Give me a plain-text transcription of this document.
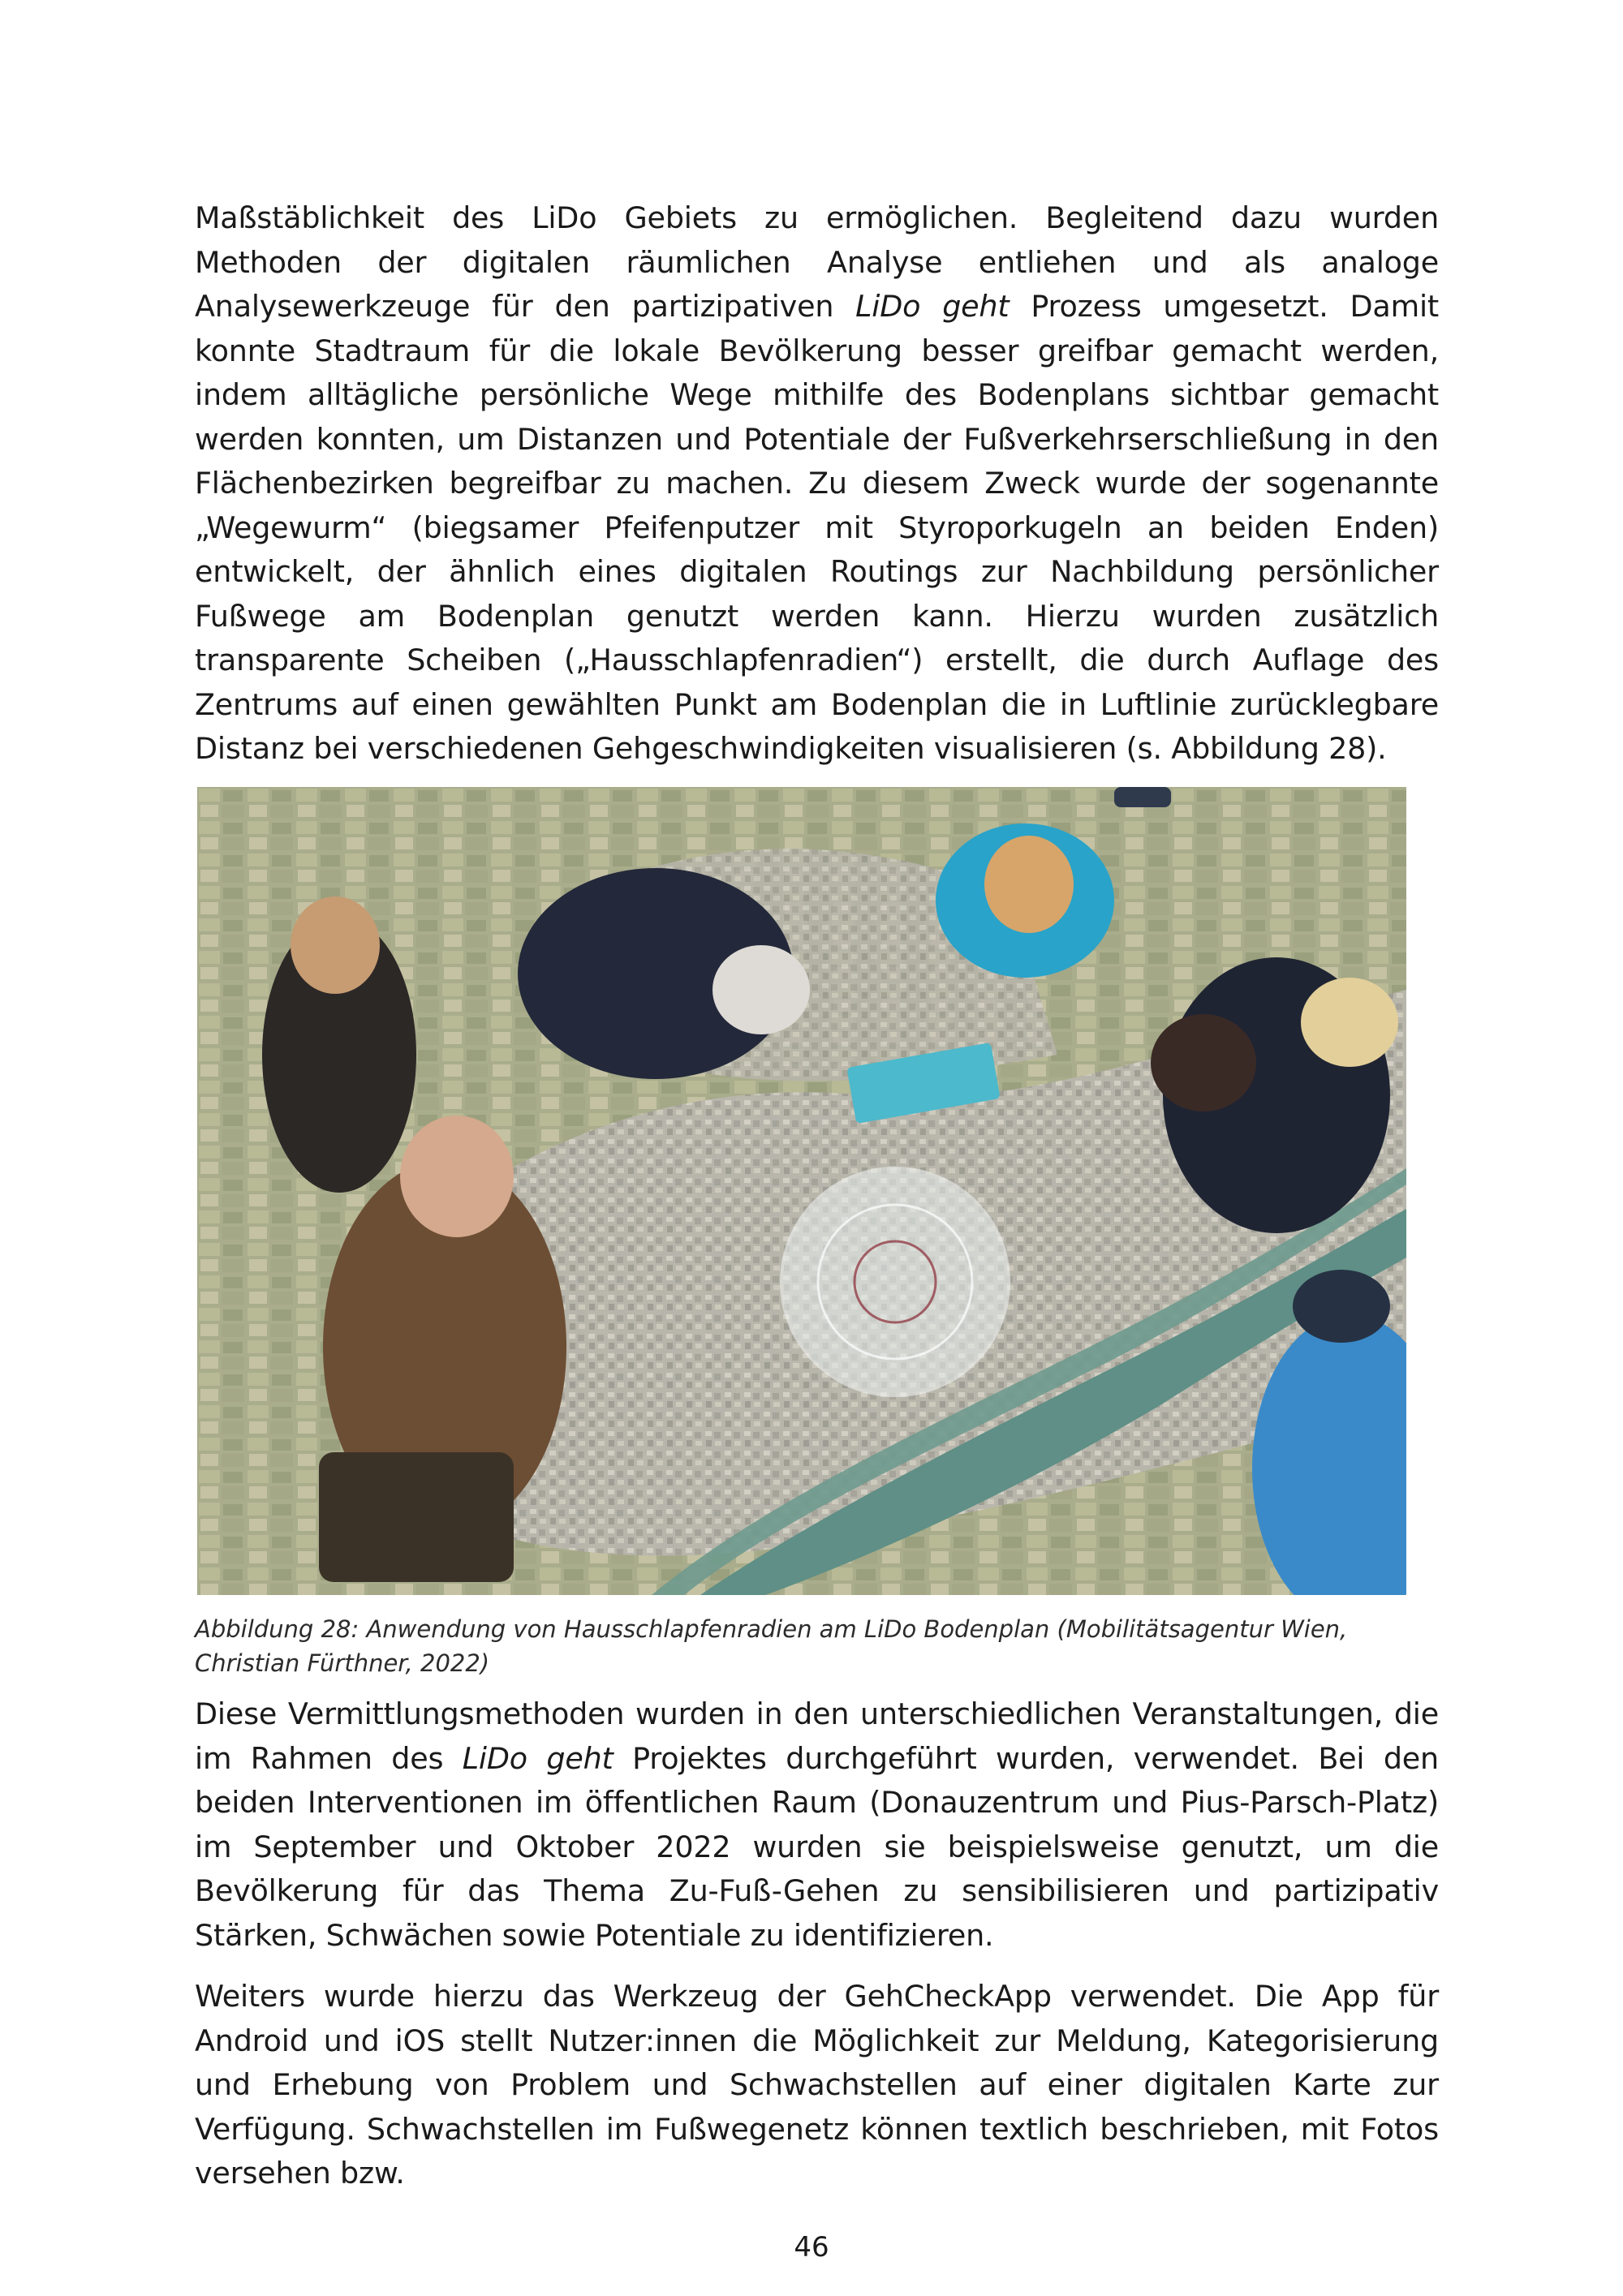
Maßstäblichkeit des LiDo Gebiets zu ermöglichen. Begleitend dazu wurden Methoden der digitalen räumlichen Analyse entliehen und als analoge Analysewerkzeuge für den partizipativen LiDo geht Prozess umgesetzt. Damit konnte Stadtraum für die lokale Bevölkerung besser greifbar gemacht werden, indem alltägliche persönliche Wege mithilfe des Bodenplans sichtbar gemacht werden konnten, um Distanzen und Potentiale der Fußverkehrserschließung in den Flächenbezirken begreifbar zu machen. Zu diesem Zweck wurde der sogenannte „Wegewurm“ (biegsamer Pfeifenputzer mit Styroporkugeln an beiden Enden) entwickelt, der ähnlich eines digitalen Routings zur Nachbildung persönlicher Fußwege am Bodenplan genutzt werden kann. Hierzu wurden zusätzlich transparente Scheiben („Hausschlapfenradien“) erstellt, die durch Auflage des Zentrums auf einen gewählten Punkt am Bodenplan die in Luftlinie zurücklegbare Distanz bei verschiedenen Gehgeschwindigkeiten visualisieren (s. Abbildung 28).

Abbildung 28: Anwendung von Hausschlapfenradien am LiDo Bodenplan (Mobilitätsagentur Wien, Christian Fürthner, 2022)

Diese Vermittlungsmethoden wurden in den unterschiedlichen Veranstaltungen, die im Rahmen des LiDo geht Projektes durchgeführt wurden, verwendet. Bei den beiden Interventionen im öffentlichen Raum (Donauzentrum und Pius-Parsch-Platz) im September und Oktober 2022 wurden sie beispielsweise genutzt, um die Bevölkerung für das Thema Zu-Fuß-Gehen zu sensibilisieren und partizipativ Stärken, Schwächen sowie Potentiale zu identifizieren.

Weiters wurde hierzu das Werkzeug der GehCheckApp verwendet. Die App für Android und iOS stellt Nutzer:innen die Möglichkeit zur Meldung, Kategorisierung und Erhebung von Problem und Schwachstellen auf einer digitalen Karte zur Verfügung. Schwachstellen im Fußwegenetz können textlich beschrieben, mit Fotos versehen bzw.

46
